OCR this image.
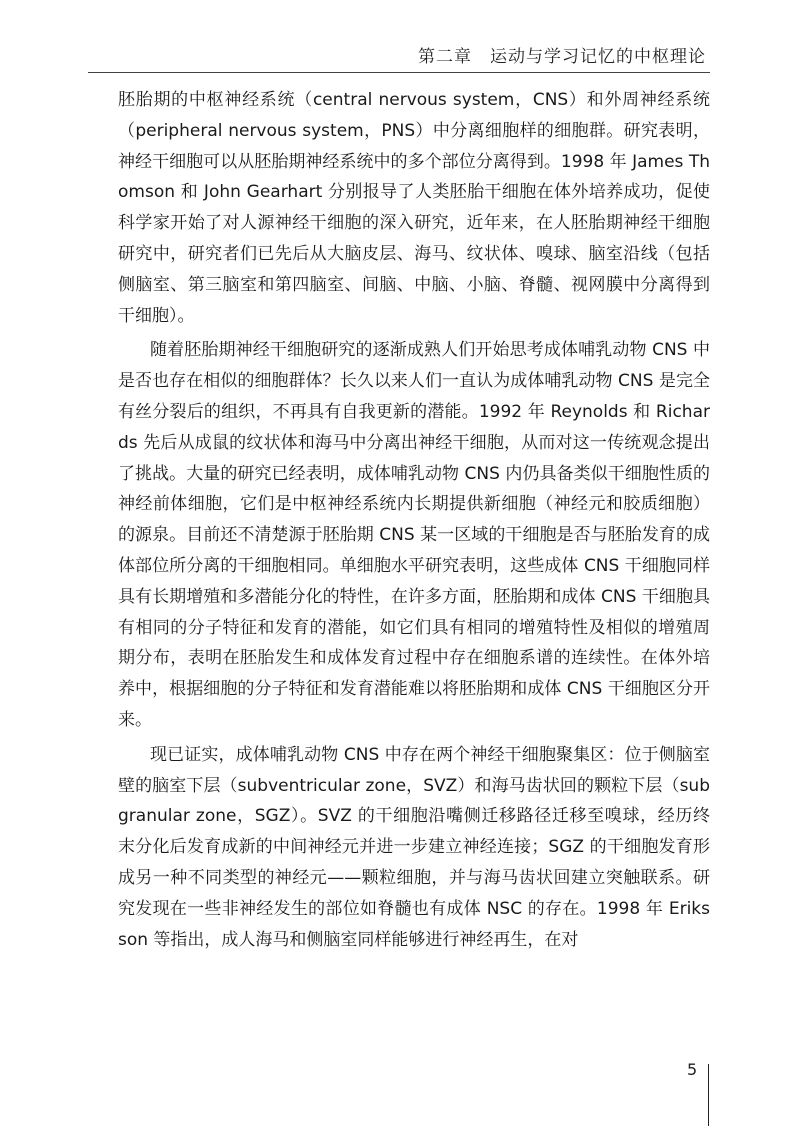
第二章　运动与学习记忆的中枢理论

胚胎期的中枢神经系统（central nervous system，CNS）和外周神经系统（peripheral nervous system，PNS）中分离细胞样的细胞群。研究表明，神经干细胞可以从胚胎期神经系统中的多个部位分离得到。1998 年 James Thomson 和 John Gearhart 分别报导了人类胚胎干细胞在体外培养成功，促使科学家开始了对人源神经干细胞的深入研究，近年来，在人胚胎期神经干细胞研究中，研究者们已先后从大脑皮层、海马、纹状体、嗅球、脑室沿线（包括侧脑室、第三脑室和第四脑室、间脑、中脑、小脑、脊髓、视网膜中分离得到干细胞）。

随着胚胎期神经干细胞研究的逐渐成熟人们开始思考成体哺乳动物 CNS 中是否也存在相似的细胞群体？长久以来人们一直认为成体哺乳动物 CNS 是完全有丝分裂后的组织，不再具有自我更新的潜能。1992 年 Reynolds 和 Richards 先后从成鼠的纹状体和海马中分离出神经干细胞，从而对这一传统观念提出了挑战。大量的研究已经表明，成体哺乳动物 CNS 内仍具备类似干细胞性质的神经前体细胞，它们是中枢神经系统内长期提供新细胞（神经元和胶质细胞）的源泉。目前还不清楚源于胚胎期 CNS 某一区域的干细胞是否与胚胎发育的成体部位所分离的干细胞相同。单细胞水平研究表明，这些成体 CNS 干细胞同样具有长期增殖和多潜能分化的特性，在许多方面，胚胎期和成体 CNS 干细胞具有相同的分子特征和发育的潜能，如它们具有相同的增殖特性及相似的增殖周期分布，表明在胚胎发生和成体发育过程中存在细胞系谱的连续性。在体外培养中，根据细胞的分子特征和发育潜能难以将胚胎期和成体 CNS 干细胞区分开来。

现已证实，成体哺乳动物 CNS 中存在两个神经干细胞聚集区：位于侧脑室壁的脑室下层（subventricular zone，SVZ）和海马齿状回的颗粒下层（subgranular zone，SGZ）。SVZ 的干细胞沿嘴侧迁移路径迁移至嗅球，经历终末分化后发育成新的中间神经元并进一步建立神经连接；SGZ 的干细胞发育形成另一种不同类型的神经元——颗粒细胞，并与海马齿状回建立突触联系。研究发现在一些非神经发生的部位如脊髓也有成体 NSC 的存在。1998 年 Eriksson 等指出，成人海马和侧脑室同样能够进行神经再生，在对

5
